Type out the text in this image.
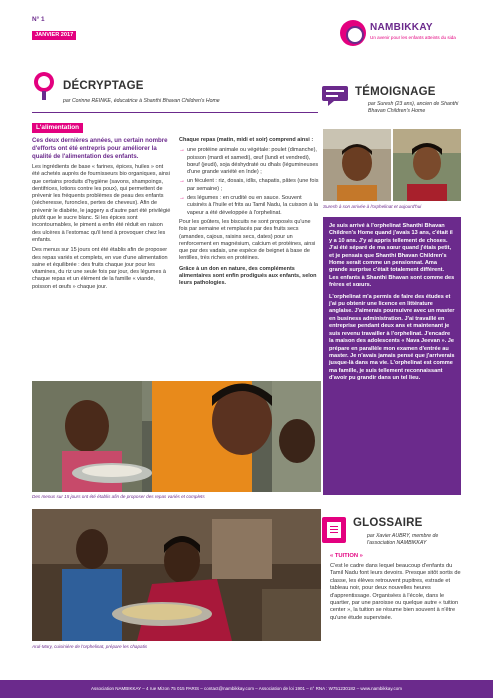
N° 1
JANVIER 2017
NAMBIKKAY
Un avenir pour les enfants atteints du sida
DÉCRYPTAGE
par Corinne REINKE, éducatrice à Shanthi Bhavan Children's Home
TÉMOIGNAGE
par Suresh (23 ans), ancien de Shanthi Bhavan Children's Home
L'alimentation

Ces deux dernières années, un certain nombre d'efforts ont été entrepris pour améliorer la qualité de l'alimentation des enfants.

Les ingrédients de base « farines, épices, huiles » ont été achetés auprès de fournisseurs bio organiques, ainsi que certains produits d'hygiène (savons, shampoings, dentifrices, lotions contre les poux), qui permettent de prévenir les fréquents problèmes de peau des enfants (sécheresse, furoncles, pertes de cheveux). Afin de prévenir le diabète, le jaggery a d'autre part été privilégié plutôt que le sucre blanc. Si les épices sont incontournables, le piment a enfin été réduit en raison des ulcères à l'estomac qu'il tend à provoquer chez les enfants.

Des menus sur 15 jours ont été établis afin de proposer des repas variés et complets, en vue d'une alimentation saine et équilibrée : des fruits chaque jour pour les vitamines, du riz une seule fois par jour, des légumes à chaque repas et un élément de la famille « viande, poisson et œufs » chaque jour.

Chaque repas (matin, midi et soir) comprend ainsi :

→ une protéine animale ou végétale: poulet (dimanche), poisson (mardi et samedi), œuf (lundi et vendredi), bœuf (jeudi), soja déshydraté ou dhals (légumineuses d'une grande variété en Inde) ;
→ un féculent : riz, dosais, idlis, chapatis, pâtes (une fois par semaine) ;
→ des légumes : en crudité ou en sauce. Souvent cuisinés à l'huile et frits au Tamil Nadu, la cuisson à la vapeur a été développée à l'orphelinat.

Pour les goûters, les biscuits ne sont proposés qu'une fois par semaine et remplacés par des fruits secs (amandes, cajous, raisins secs, dates) pour un renforcement en magnésium, calcium et protéines, ainsi que par des vadais, une espèce de beignet à base de lentilles, très riches en protéines.

Grâce à un don en nature, des compléments alimentaires sont enfin prodigués aux enfants, selon leurs pathologies.

Suresh à son arrivée à l'orphelinat et aujourd'hui

Je suis arrivé à l'orphelinat Shanthi Bhavan Children's Home quand j'avais 13 ans, c'était il y a 10 ans. J'y ai appris tellement de choses. J'ai été séparé de ma sœur quand j'étais petit, et je pensais que Shanthi Bhavan Children's Home serait comme un pensionnat. Ama grande surprise c'était totalement différent. Les enfants à Shanthi Bhavan sont comme des frères et sœurs.

L'orphelinat m'a permis de faire des études et j'ai pu obtenir une licence en littérature anglaise. J'aimerais poursuivre avec un master en business administration. J'ai travaillé en entreprise pendant deux ans et maintenant je suis revenu travailler à l'orphelinat. J'encadre la maison des adolescents « Nava Jeevan ». Je prépare en parallèle mon examen d'entrée au master. Je n'avais jamais pensé que j'arriverais jusque-là dans ma vie. L'orphelinat est comme ma famille, je suis tellement reconnaissant d'avoir pu grandir dans un tel lieu.

Des menus sur 15 jours ont été établis afin de proposer des repas variés et complets
Arul-Mary, cuisinière de l'orphelinat, prépare les chapatis
GLOSSAIRE
par Xavier AUBRY, membre de l'association NAMBIKKAY
« TUITION »
C'est le cadre dans lequel beaucoup d'enfants du Tamil Nadu font leurs devoirs. Presque sitôt sortis de classe, les élèves retrouvent pupitres, estrade et tableau noir, pour deux nouvelles heures d'apprentissage. Organisées à l'école, dans le quartier, par une paroisse ou quelque autre « tuition center », la tuition se résume bien souvent à n'être qu'une étude supervisée.
Association NAMBIKKAY – 4 rue Mizon 75 015 PARIS – contact@nambikkay.com – Association de loi 1901 – n° RNA : W751230182 – www.nambikkay.com
